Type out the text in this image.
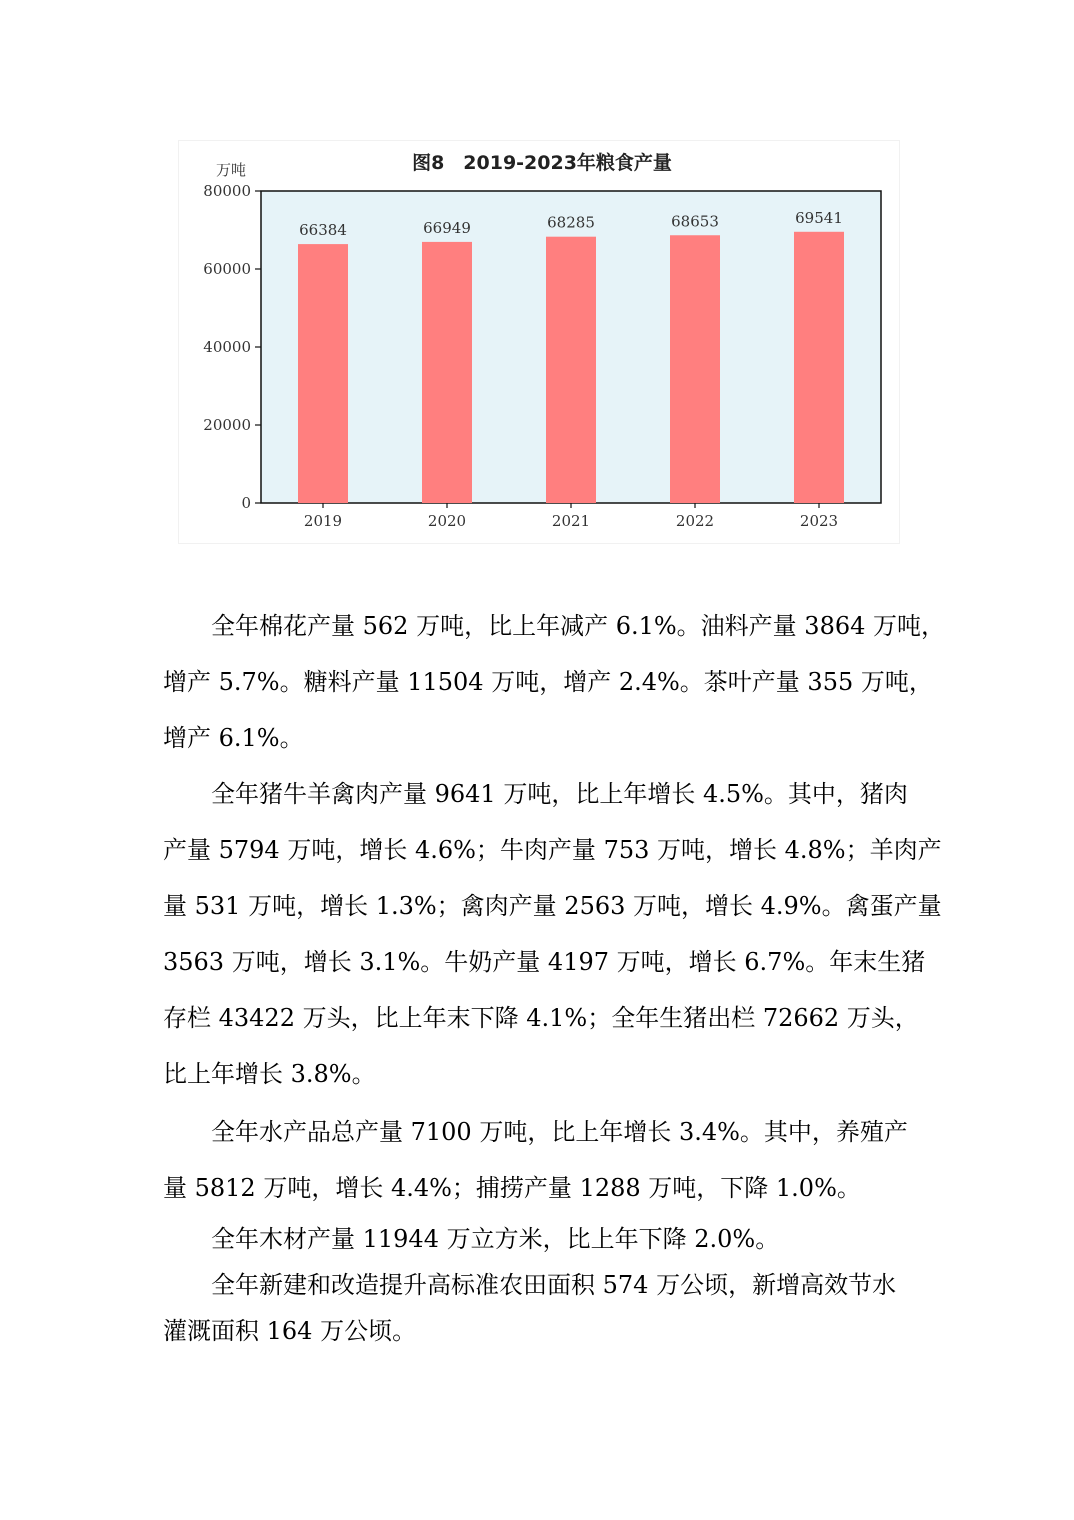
图8　2019-2023年粮食产量
万吨
0
20000
40000
60000
80000
66384
2019
66949
2020
68285
2021
68653
2022
69541
2023
　　全年棉花产量 562 万吨，比上年减产 6.1%。油料产量 3864 万吨，
增产 5.7%。糖料产量 11504 万吨，增产 2.4%。茶叶产量 355 万吨，
增产 6.1%。
　　全年猪牛羊禽肉产量 9641 万吨，比上年增长 4.5%。其中，猪肉
产量 5794 万吨，增长 4.6%；牛肉产量 753 万吨，增长 4.8%；羊肉产
量 531 万吨，增长 1.3%；禽肉产量 2563 万吨，增长 4.9%。禽蛋产量
3563 万吨，增长 3.1%。牛奶产量 4197 万吨，增长 6.7%。年末生猪
存栏 43422 万头，比上年末下降 4.1%；全年生猪出栏 72662 万头，
比上年增长 3.8%。
　　全年水产品总产量 7100 万吨，比上年增长 3.4%。其中，养殖产
量 5812 万吨，增长 4.4%；捕捞产量 1288 万吨，下降 1.0%。
　　全年木材产量 11944 万立方米，比上年下降 2.0%。
　　全年新建和改造提升高标准农田面积 574 万公顷，新增高效节水
灌溉面积 164 万公顷。
